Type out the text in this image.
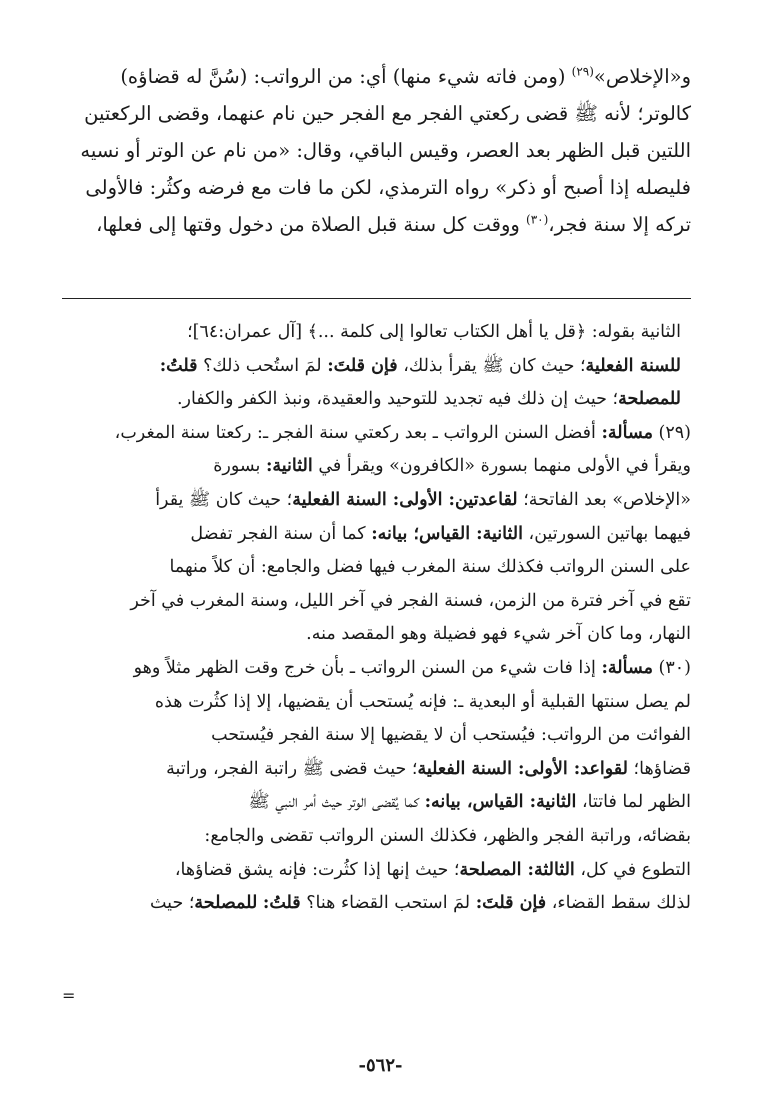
و«الإخلاص»$^{(٢٩)}$ (ومن فاته شيء منها) أي: من الرواتب: (سُنَّ له قضاؤه)

كالوتر؛ لأنه ﷺ قضى ركعتي الفجر مع الفجر حين نام عنهما، وقضى الركعتين

اللتين قبل الظهر بعد العصر، وقيس الباقي، وقال: «من نام عن الوتر أو نسيه

فليصله إذا أصبح أو ذكر» رواه الترمذي، لكن ما فات مع فرضه وكثُر: فالأولى

تركه إلا سنة فجر،$^{(٣٠)}$ ووقت كل سنة قبل الصلاة من دخول وقتها إلى فعلها،

الثانية بقوله: ﴿قل يا أهل الكتاب تعالوا إلى كلمة ...﴾ [آل عمران:٦٤]؛

للسنة الفعلية؛ حيث كان ﷺ يقرأ بذلك، فإن قلتَ: لمَ استُحب ذلك؟ قلتُ:

للمصلحة؛ حيث إن ذلك فيه تجديد للتوحيد والعقيدة، ونبذ الكفر والكفار.

(٢٩) مسألة: أفضل السنن الرواتب ـ بعد ركعتي سنة الفجر ـ: ركعتا سنة المغرب،

ويقرأ في الأولى منهما بسورة «الكافرون» ويقرأ في الثانية: بسورة

«الإخلاص» بعد الفاتحة؛ لقاعدتين: الأولى: السنة الفعلية؛ حيث كان ﷺ يقرأ

فيهما بهاتين السورتين، الثانية: القياس؛ بيانه: كما أن سنة الفجر تفضل

على السنن الرواتب فكذلك سنة المغرب فيها فضل والجامع: أن كلاً منهما

تقع في آخر فترة من الزمن، فسنة الفجر في آخر الليل، وسنة المغرب في آخر

النهار، وما كان آخر شيء فهو فضيلة وهو المقصد منه.

(٣٠) مسألة: إذا فات شيء من السنن الرواتب ـ بأن خرج وقت الظهر مثلاً وهو

لم يصل سنتها القبلية أو البعدية ـ: فإنه يُستحب أن يقضيها، إلا إذا كثُرت هذه

الفوائت من الرواتب: فيُستحب أن لا يقضيها إلا سنة الفجر فيُستحب

قضاؤها؛ لقواعد: الأولى: السنة الفعلية؛ حيث قضى ﷺ راتبة الفجر، وراتبة

الظهر لما فاتتا، الثانية: القياس، بيانه: كما يُقضى الوتر حيث أمر النبي ﷺ

بقضائه، وراتبة الفجر والظهر، فكذلك السنن الرواتب تقضى والجامع:

التطوع في كل، الثالثة: المصلحة؛ حيث إنها إذا كثُرت: فإنه يشق قضاؤها،

لذلك سقط القضاء، فإن قلتَ: لمَ استحب القضاء هنا؟ قلتُ: للمصلحة؛ حيث

=
-٥٦٢-
